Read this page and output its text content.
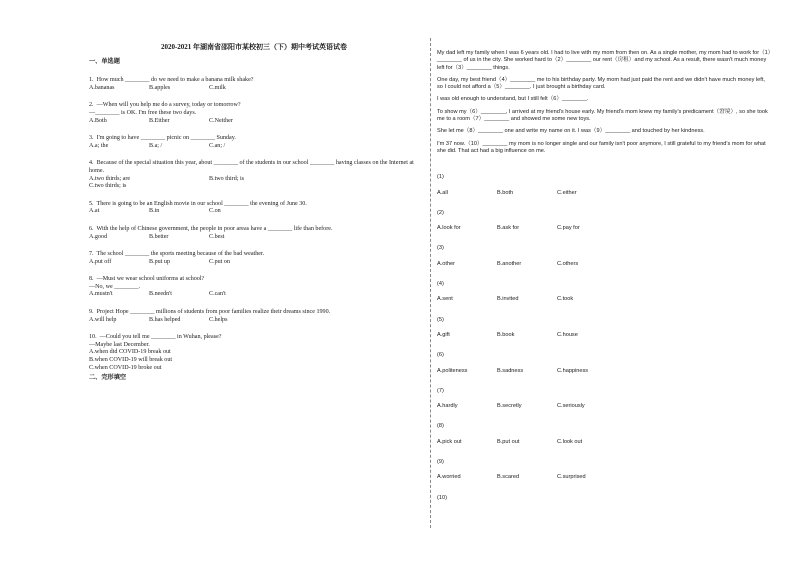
2020-2021 年湖南省邵阳市某校初三（下）期中考试英语试卷
一、单选题
1.  How much ________ do we need to make a banana milk shake?
A.bananas	B.apples	C.milk
2.  —When will you help me do a survey, today or tomorrow?
—________ is OK. I'm free these two days.
A.Both	B.Either	C.Neither
3.  I'm going to have ________ picnic on ________ Sunday.
A.a; the	B.a; /	C.an; /
4.  Because of the special situation this year, about ________ of the students in our school ________ having classes on the Internet at home.
A.two thirds; are	B.two third; is
C.two thirds; is
5.  There is going to be an English movie in our school ________ the evening of June 30.
A.at	B.in	C.on
6.  With the help of Chinese government, the people in poor areas have a ________ life than before.
A.good	B.better	C.best
7.  The school ________ the sports meeting because of the bad weather.
A.put off	B.put up	C.put on
8.  —Must we wear school uniforms at school?
—No, we ________.
A.mustn't	B.needn't	C.can't
9.  Project Hope ________ millions of students from poor families realize their dreams since 1990.
A.will help	B.has helped	C.helps
10.  —Could you tell me ________ in Wuhan, please?
—Maybe last December.
A.when did COVID-19 break out
B.when COVID-19 will break out
C.when COVID-19 broke out
二、完形填空
My dad left my family when I was 6 years old. I had to live with my mom from then on. As a single mother, my mom had to work for（1）________ of us in the city. She worked hard to（2）________ our rent（房租）and my school. As a result, there wasn't much money left for（3）________ things.
One day, my best friend（4）________ me to his birthday party. My mom had just paid the rent and we didn't have much money left, so I could not afford a（5）________. I just brought a birthday card.
I was old enough to understand, but I still felt（6）________.
To show my（6）________, I arrived at my friend's house early. My friend's mom knew my family's predicament（窘境）, so she took me to a room（7）________ and showed me some new toys.
She let me（8）________ one and write my name on it. I was（9）________ and touched by her kindness.
I'm 37 now.（10）________ my mom is no longer single and our family isn't poor anymore, I still grateful to my friend's mom for what she did. That act had a big influence on me.
(1)
A.all	B.both	C.either
(2)
A.look for	B.ask for	C.pay for
(3)
A.other	B.another	C.others
(4)
A.sent	B.invited	C.took
(5)
A.gift	B.book	C.house
(6)
A.politeness	B.sadness	C.happiness
(7)
A.hardly	B.secretly	C.seriously
(8)
A.pick out	B.put out	C.look out
(9)
A.worried	B.scared	C.surprised
(10)
